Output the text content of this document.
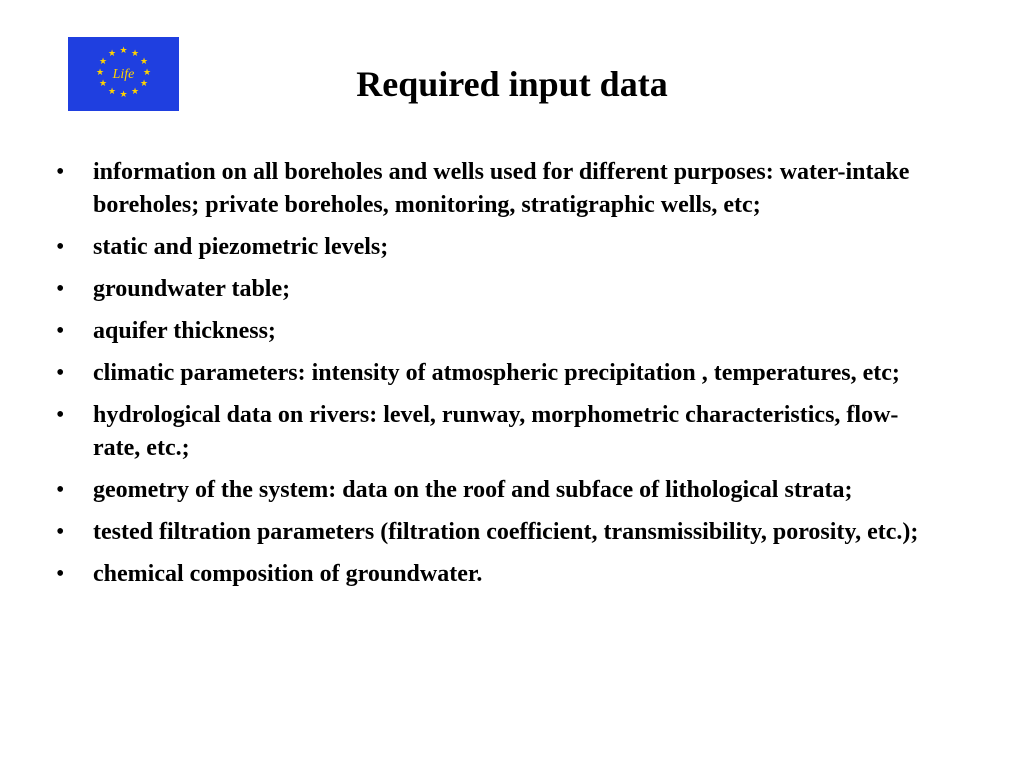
★ ★
★
★
★
★
★
★
★
★
★
★
Life	Required input data
•	information on all boreholes and wells used for different purposes: water-intake boreholes; private boreholes, monitoring, stratigraphic wells, etc;
•	static and piezometric levels;
•	groundwater table;
•	aquifer thickness;
•	climatic parameters: intensity of atmospheric precipitation , temperatures, etc;
•	hydrological data on rivers: level, runway, morphometric characteristics, flow-rate, etc.;
•	geometry of the system: data on the roof and subface of lithological strata;
•	tested filtration parameters (filtration coefficient, transmissibility, porosity, etc.);
•	chemical composition of groundwater.
